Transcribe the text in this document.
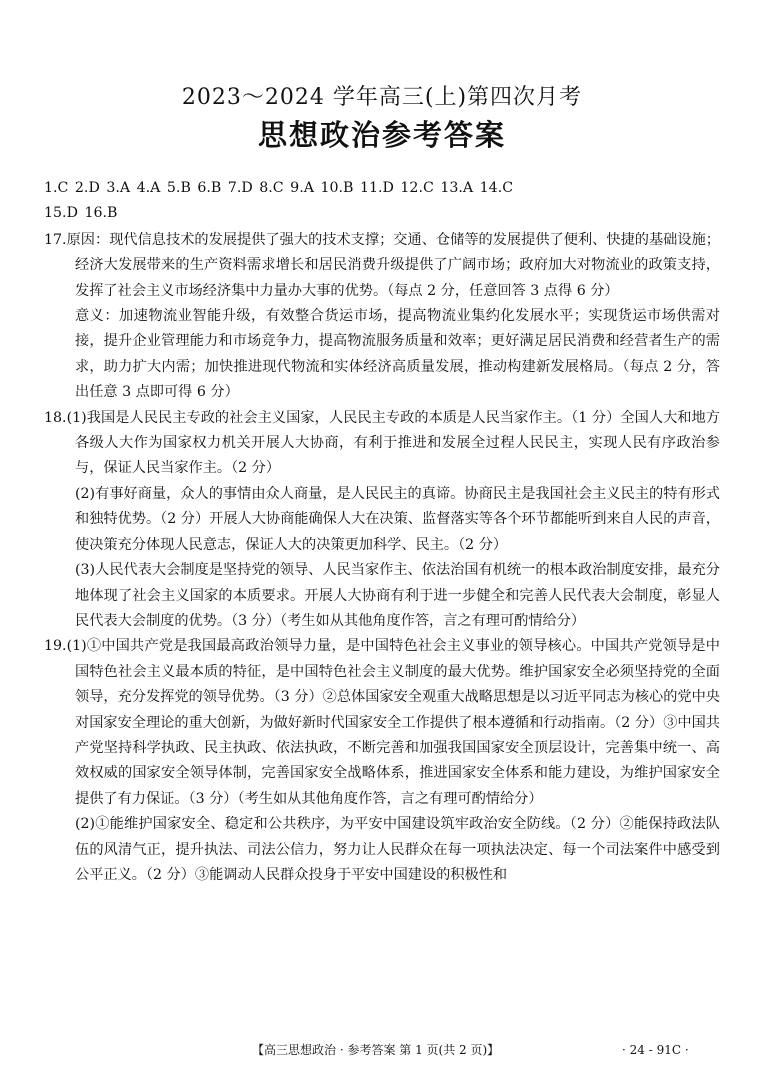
2023～2024 学年高三(上)第四次月考
思想政治参考答案
1.C 2.D 3.A 4.A 5.B 6.B 7.D 8.C 9.A 10.B 11.D 12.C 13.A 14.C
15.D 16.B

17.原因：现代信息技术的发展提供了强大的技术支撑；交通、仓储等的发展提供了便利、快捷的基础设施；经济大发展带来的生产资料需求增长和居民消费升级提供了广阔市场；政府加大对物流业的政策支持，发挥了社会主义市场经济集中力量办大事的优势。（每点 2 分，任意回答 3 点得 6 分）

意义：加速物流业智能升级，有效整合货运市场，提高物流业集约化发展水平；实现货运市场供需对接，提升企业管理能力和市场竞争力，提高物流服务质量和效率；更好满足居民消费和经营者生产的需求，助力扩大内需；加快推进现代物流和实体经济高质量发展，推动构建新发展格局。（每点 2 分，答出任意 3 点即可得 6 分）

18.(1)我国是人民民主专政的社会主义国家，人民民主专政的本质是人民当家作主。（1 分）全国人大和地方各级人大作为国家权力机关开展人大协商，有利于推进和发展全过程人民民主，实现人民有序政治参与，保证人民当家作主。（2 分）

(2)有事好商量，众人的事情由众人商量，是人民民主的真谛。协商民主是我国社会主义民主的特有形式和独特优势。（2 分）开展人大协商能确保人大在决策、监督落实等各个环节都能听到来自人民的声音，使决策充分体现人民意志，保证人大的决策更加科学、民主。（2 分）

(3)人民代表大会制度是坚持党的领导、人民当家作主、依法治国有机统一的根本政治制度安排，最充分地体现了社会主义国家的本质要求。开展人大协商有利于进一步健全和完善人民代表大会制度，彰显人民代表大会制度的优势。（3 分）（考生如从其他角度作答，言之有理可酌情给分）

19.(1)①中国共产党是我国最高政治领导力量，是中国特色社会主义事业的领导核心。中国共产党领导是中国特色社会主义最本质的特征，是中国特色社会主义制度的最大优势。维护国家安全必须坚持党的全面领导，充分发挥党的领导优势。（3 分）②总体国家安全观重大战略思想是以习近平同志为核心的党中央对国家安全理论的重大创新，为做好新时代国家安全工作提供了根本遵循和行动指南。（2 分）③中国共产党坚持科学执政、民主执政、依法执政，不断完善和加强我国国家安全顶层设计，完善集中统一、高效权威的国家安全领导体制，完善国家安全战略体系，推进国家安全体系和能力建设，为维护国家安全提供了有力保证。（3 分）（考生如从其他角度作答，言之有理可酌情给分）

(2)①能维护国家安全、稳定和公共秩序，为平安中国建设筑牢政治安全防线。（2 分）②能保持政法队伍的风清气正，提升执法、司法公信力，努力让人民群众在每一项执法决定、每一个司法案件中感受到公平正义。（2 分）③能调动人民群众投身于平安中国建设的积极性和

【高三思想政治 · 参考答案 第 1 页(共 2 页)】	· 24 - 91C ·
